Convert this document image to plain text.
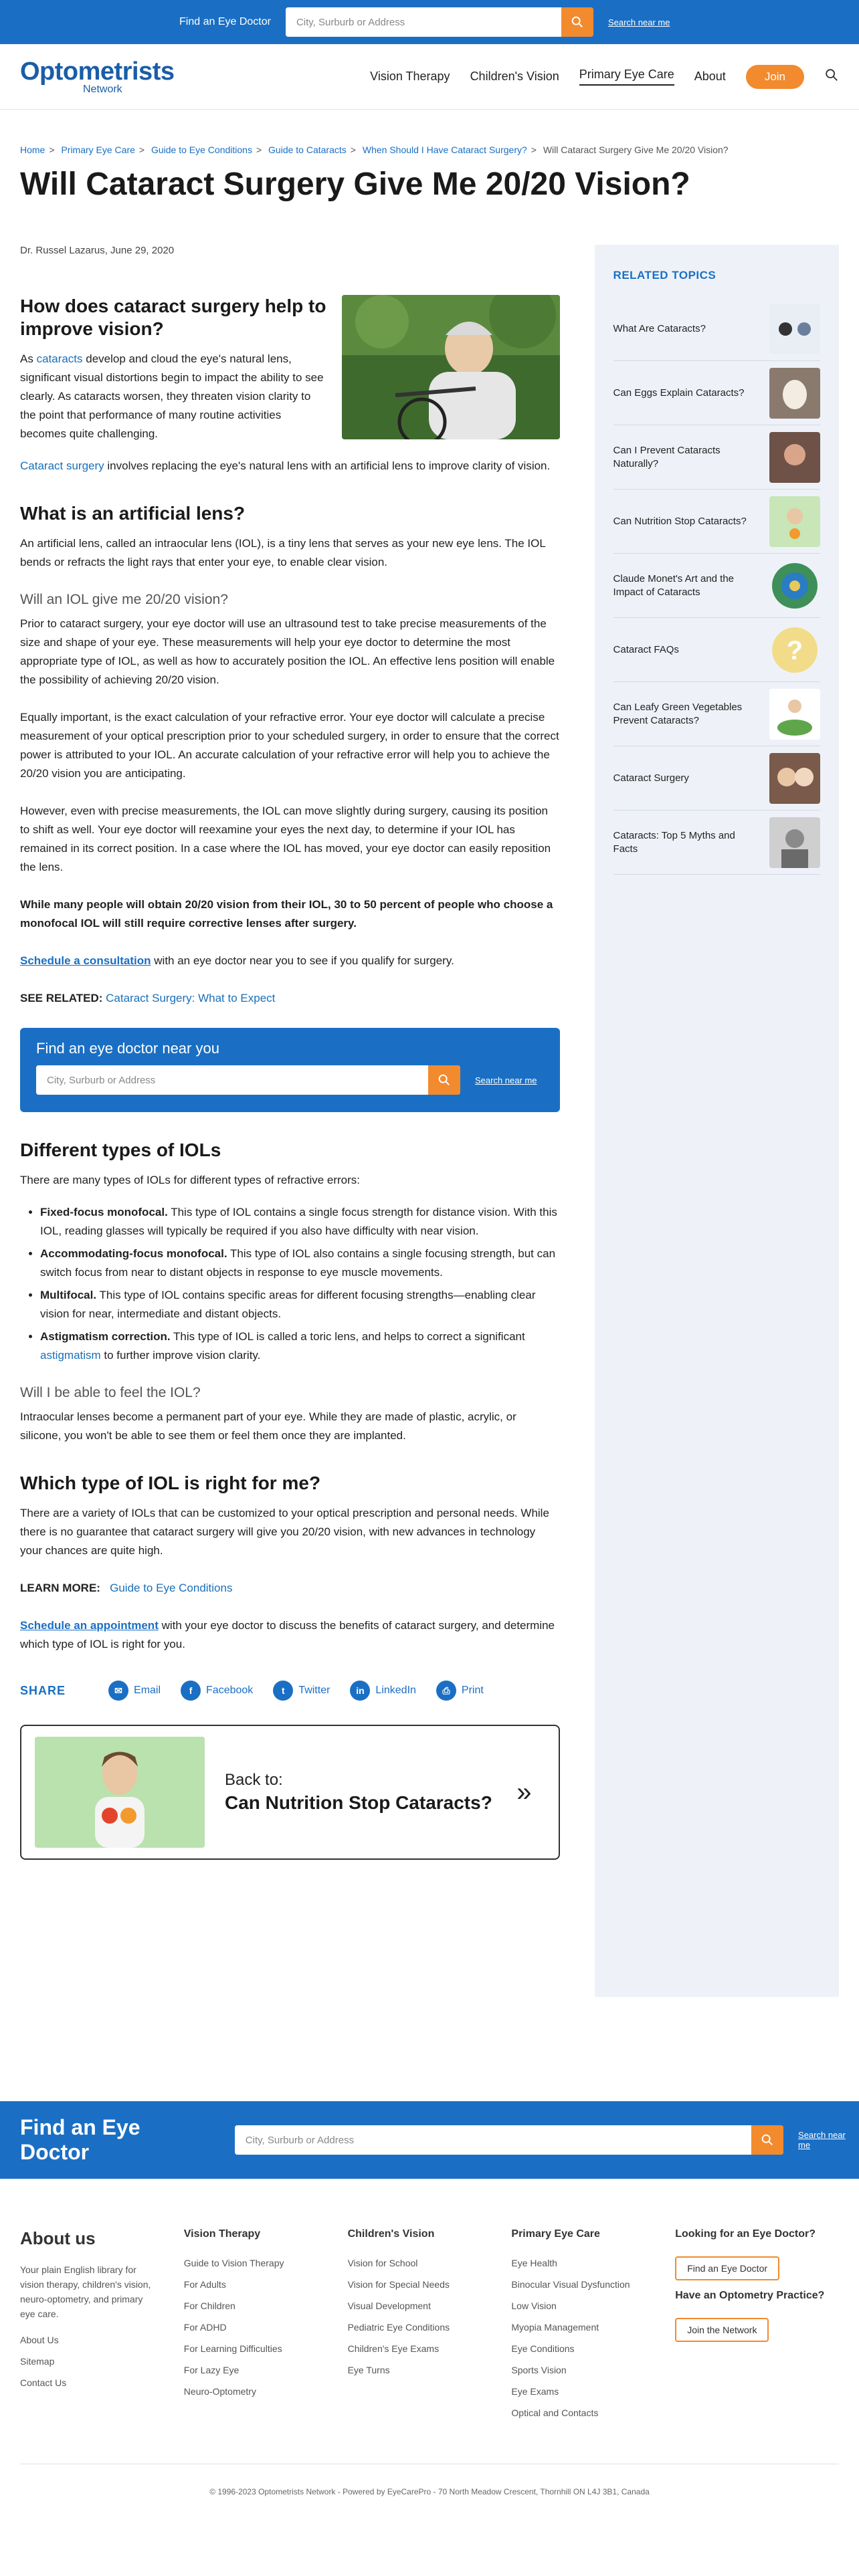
Find an Eye Doctor
City, Surburb or Address	Search near me
Optometrists
Network
Vision Therapy Children's Vision Primary Eye Care About	Join
Home > Primary Eye Care > Guide to Eye Conditions > Guide to Cataracts > When Should I Have Cataract Surgery? > Will Cataract Surgery Give Me 20/20 Vision?
Will Cataract Surgery Give Me 20/20 Vision?
Dr. Russel Lazarus, June 29, 2020
How does cataract surgery help to improve vision?

As cataracts develop and cloud the eye's natural lens, significant visual distortions begin to impact the ability to see clearly. As cataracts worsen, they threaten vision clarity to the point that performance of many routine activities becomes quite challenging.

Cataract surgery involves replacing the eye's natural lens with an artificial lens to improve clarity of vision.

What is an artificial lens?

An artificial lens, called an intraocular lens (IOL), is a tiny lens that serves as your new eye lens. The IOL bends or refracts the light rays that enter your eye, to enable clear vision.

Will an IOL give me 20/20 vision?

Prior to cataract surgery, your eye doctor will use an ultrasound test to take precise measurements of the size and shape of your eye. These measurements will help your eye doctor to determine the most appropriate type of IOL, as well as how to accurately position the IOL. An effective lens position will enable the possibility of achieving 20/20 vision.

Equally important, is the exact calculation of your refractive error. Your eye doctor will calculate a precise measurement of your optical prescription prior to your scheduled surgery, in order to ensure that the correct power is attributed to your IOL. An accurate calculation of your refractive error will help you to achieve the 20/20 vision you are anticipating.

However, even with precise measurements, the IOL can move slightly during surgery, causing its position to shift as well. Your eye doctor will reexamine your eyes the next day, to determine if your IOL has remained in its correct position. In a case where the IOL has moved, your eye doctor can easily reposition the lens.

While many people will obtain 20/20 vision from their IOL, 30 to 50 percent of people who choose a monofocal IOL will still require corrective lenses after surgery.

Schedule a consultation with an eye doctor near you to see if you qualify for surgery.

SEE RELATED: Cataract Surgery: What to Expect

Find an eye doctor near you
City, Surburb or Address
Search near me
Different types of IOLs

There are many types of IOLs for different types of refractive errors:

• Fixed-focus monofocal. This type of IOL contains a single focus strength for distance vision. With this IOL, reading glasses will typically be required if you also have difficulty with near vision.
• Accommodating-focus monofocal. This type of IOL also contains a single focusing strength, but can switch focus from near to distant objects in response to eye muscle movements.
• Multifocal. This type of IOL contains specific areas for different focusing strengths—enabling clear vision for near, intermediate and distant objects.
• Astigmatism correction. This type of IOL is called a toric lens, and helps to correct a significant astigmatism to further improve vision clarity.
Will I be able to feel the IOL?

Intraocular lenses become a permanent part of your eye. While they are made of plastic, acrylic, or silicone, you won't be able to see them or feel them once they are implanted.

Which type of IOL is right for me?

There are a variety of IOLs that can be customized to your optical prescription and personal needs. While there is no guarantee that cataract surgery will give you 20/20 vision, with new advances in technology your chances are quite high.

LEARN MORE: Guide to Eye Conditions

Schedule an appointment with your eye doctor to discuss the benefits of cataract surgery, and determine which type of IOL is right for you.

SHARE	✉	Email	f	Facebook	t	Twitter	in	LinkedIn	⎙	Print
Back to:
Can Nutrition Stop Cataracts? »
RELATED TOPICS
What Are Cataracts?
Can Eggs Explain Cataracts?
Can I Prevent Cataracts Naturally?
Can Nutrition Stop Cataracts?
Claude Monet's Art and the Impact of Cataracts
Cataract FAQs	?
Can Leafy Green Vegetables Prevent Cataracts?
Cataract Surgery
Cataracts: Top 5 Myths and Facts
Find an Eye Doctor
City, Surburb or Address
Search near me
About us
Your plain English library for vision therapy, children's vision, neuro-optometry, and primary eye care.
About Us
Sitemap
Contact Us
Vision Therapy
Guide to Vision Therapy
For Adults
For Children
For ADHD
For Learning Difficulties
For Lazy Eye
Neuro-Optometry
Children's Vision
Vision for School
Vision for Special Needs
Visual Development
Pediatric Eye Conditions
Children's Eye Exams
Eye Turns
Primary Eye Care
Eye Health
Binocular Visual Dysfunction
Low Vision
Myopia Management
Eye Conditions
Sports Vision
Eye Exams
Optical and Contacts
Looking for an Eye Doctor?
Find an Eye Doctor
Have an Optometry Practice?
Join the Network
© 1996-2023 Optometrists Network - Powered by EyeCarePro - 70 North Meadow Crescent, Thornhill ON L4J 3B1, Canada
